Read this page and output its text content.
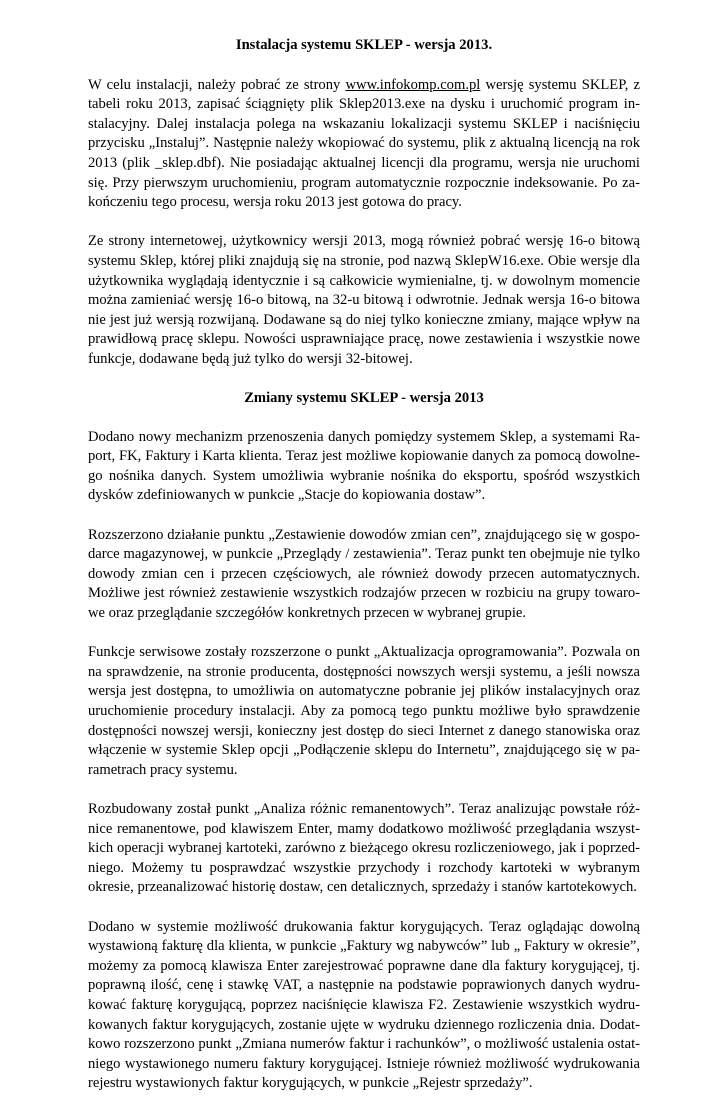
Instalacja systemu SKLEP - wersja 2013.

W celu instalacji, należy pobrać ze strony www.infokomp.com.pl wersję systemu SKLEP, z tabeli roku 2013, zapisać ściągnięty plik Sklep2013.exe na dysku i uruchomić program instalacyjny. Dalej instalacja polega na wskazaniu lokalizacji systemu SKLEP i naciśnięciu przycisku „Instaluj”. Następnie należy wkopiować do systemu, plik z aktualną licencją na rok 2013 (plik _sklep.dbf). Nie posiadając aktualnej licencji dla programu, wersja nie uruchomi się. Przy pierwszym uruchomieniu, program automatycznie rozpocznie indeksowanie. Po zakończeniu tego procesu, wersja roku 2013 jest gotowa do pracy.

Ze strony internetowej, użytkownicy wersji 2013, mogą również pobrać wersję 16-o bitową systemu Sklep, której pliki znajdują się na stronie, pod nazwą SklepW16.exe. Obie wersje dla użytkownika wyglądają identycznie i są całkowicie wymienialne, tj. w dowolnym momencie można zamieniać wersję 16-o bitową, na 32-u bitową i odwrotnie. Jednak wersja 16-o bitowa nie jest już wersją rozwijaną. Dodawane są do niej tylko konieczne zmiany, mające wpływ na prawidłową pracę sklepu. Nowości usprawniające pracę, nowe zestawienia i wszystkie nowe funkcje, dodawane będą już tylko do wersji 32-bitowej.

Zmiany systemu SKLEP - wersja 2013

Dodano nowy mechanizm przenoszenia danych pomiędzy systemem Sklep, a systemami Raport, FK, Faktury i Karta klienta. Teraz jest możliwe kopiowanie danych za pomocą dowolnego nośnika danych. System umożliwia wybranie nośnika do eksportu, spośród wszystkich dysków zdefiniowanych w punkcie „Stacje do kopiowania dostaw”.

Rozszerzono działanie punktu „Zestawienie dowodów zmian cen”, znajdującego się w gospodarce magazynowej, w punkcie „Przeglądy / zestawienia”. Teraz punkt ten obejmuje nie tylko dowody zmian cen i przecen częściowych, ale również dowody przecen automatycznych. Możliwe jest również zestawienie wszystkich rodzajów przecen w rozbiciu na grupy towarowe oraz przeglądanie szczegółów konkretnych przecen w wybranej grupie.

Funkcje serwisowe zostały rozszerzone o punkt „Aktualizacja oprogramowania”. Pozwala on na sprawdzenie, na stronie producenta, dostępności nowszych wersji systemu, a jeśli nowsza wersja jest dostępna, to umożliwia on automatyczne pobranie jej plików instalacyjnych oraz uruchomienie procedury instalacji. Aby za pomocą tego punktu możliwe było sprawdzenie dostępności nowszej wersji, konieczny jest dostęp do sieci Internet z danego stanowiska oraz włączenie w systemie Sklep opcji „Podłączenie sklepu do Internetu”, znajdującego się w parametrach pracy systemu.

Rozbudowany został punkt „Analiza różnic remanentowych”. Teraz analizując powstałe różnice remanentowe, pod klawiszem Enter, mamy dodatkowo możliwość przeglądania wszystkich operacji wybranej kartoteki, zarówno z bieżącego okresu rozliczeniowego, jak i poprzedniego. Możemy tu posprawdzać wszystkie przychody i rozchody kartoteki w wybranym okresie, przeanalizować historię dostaw, cen detalicznych, sprzedaży i stanów kartotekowych.

Dodano w systemie możliwość drukowania faktur korygujących. Teraz oglądając dowolną wystawioną fakturę dla klienta, w punkcie „Faktury wg nabywców” lub „ Faktury w okresie”, możemy za pomocą klawisza Enter zarejestrować poprawne dane dla faktury korygującej, tj. poprawną ilość, cenę i stawkę VAT, a następnie na podstawie poprawionych danych wydrukować fakturę korygującą, poprzez naciśnięcie klawisza F2. Zestawienie wszystkich wydrukowanych faktur korygujących, zostanie ujęte w wydruku dziennego rozliczenia dnia. Dodatkowo rozszerzono punkt „Zmiana numerów faktur i rachunków”, o możliwość ustalenia ostatniego wystawionego numeru faktury korygującej. Istnieje również możliwość wydrukowania rejestru wystawionych faktur korygujących, w punkcie „Rejestr sprzedaży”.
